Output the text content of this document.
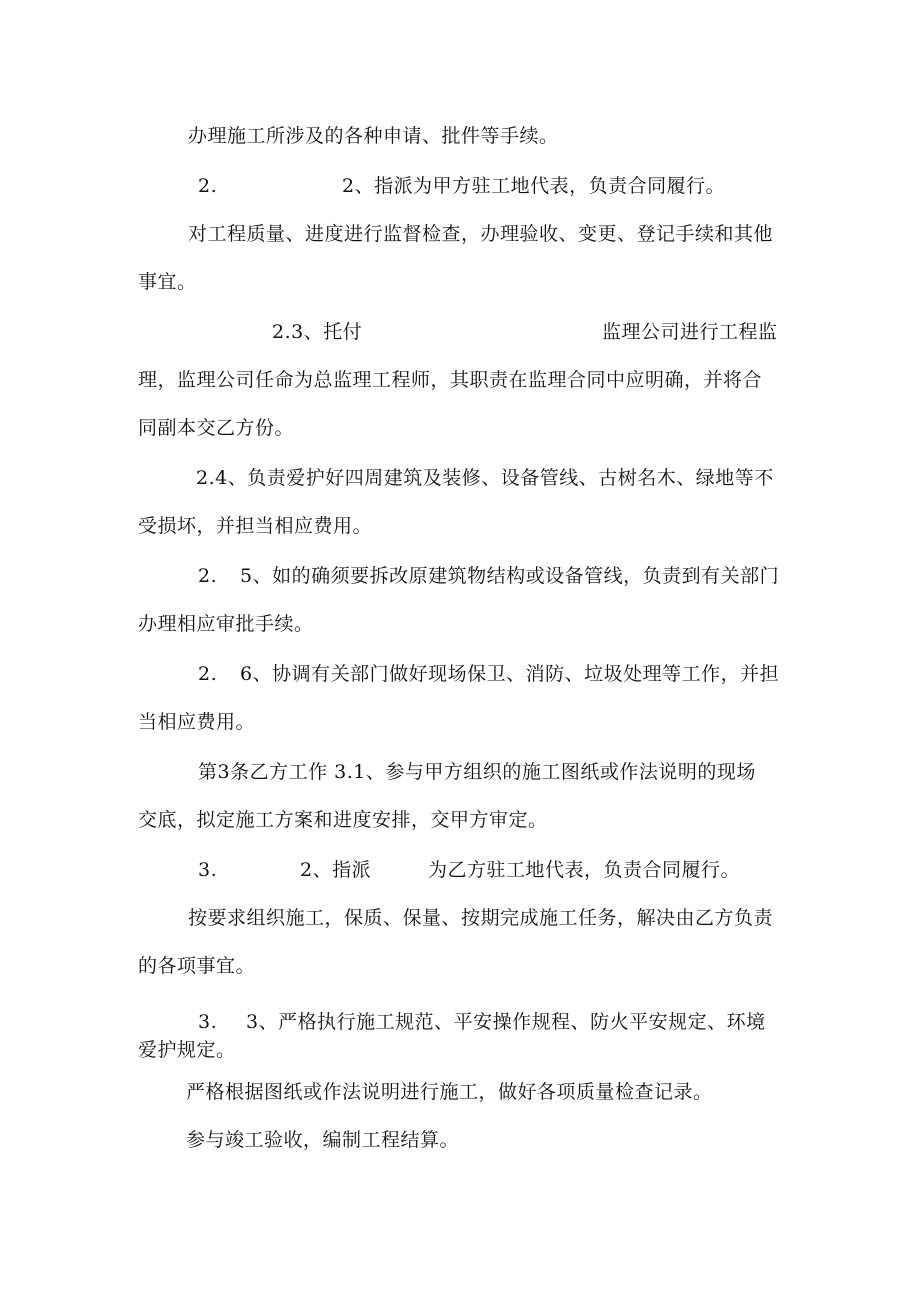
办理施工所涉及的各种申请、批件等手续。
2.	2、指派为甲方驻工地代表，负责合同履行。
对工程质量、进度进行监督检查，办理验收、变更、登记手续和其他
事宜。
2.3、托付	监理公司进行工程监
理，监理公司任命为总监理工程师，其职责在监理合同中应明确，并将合
同副本交乙方份。
2.4、负责爱护好四周建筑及装修、设备管线、古树名木、绿地等不
受损坏，并担当相应费用。
2. 5、如的确须要拆改原建筑物结构或设备管线，负责到有关部门
办理相应审批手续。
2. 6、协调有关部门做好现场保卫、消防、垃圾处理等工作，并担
当相应费用。
第3条乙方工作 3.1、参与甲方组织的施工图纸或作法说明的现场
交底，拟定施工方案和进度安排，交甲方审定。
3.	2、指派	为乙方驻工地代表，负责合同履行。
按要求组织施工，保质、保量、按期完成施工任务，解决由乙方负责
的各项事宜。
3. 3、严格执行施工规范、平安操作规程、防火平安规定、环境
爱护规定。
严格根据图纸或作法说明进行施工，做好各项质量检查记录。
参与竣工验收，编制工程结算。
